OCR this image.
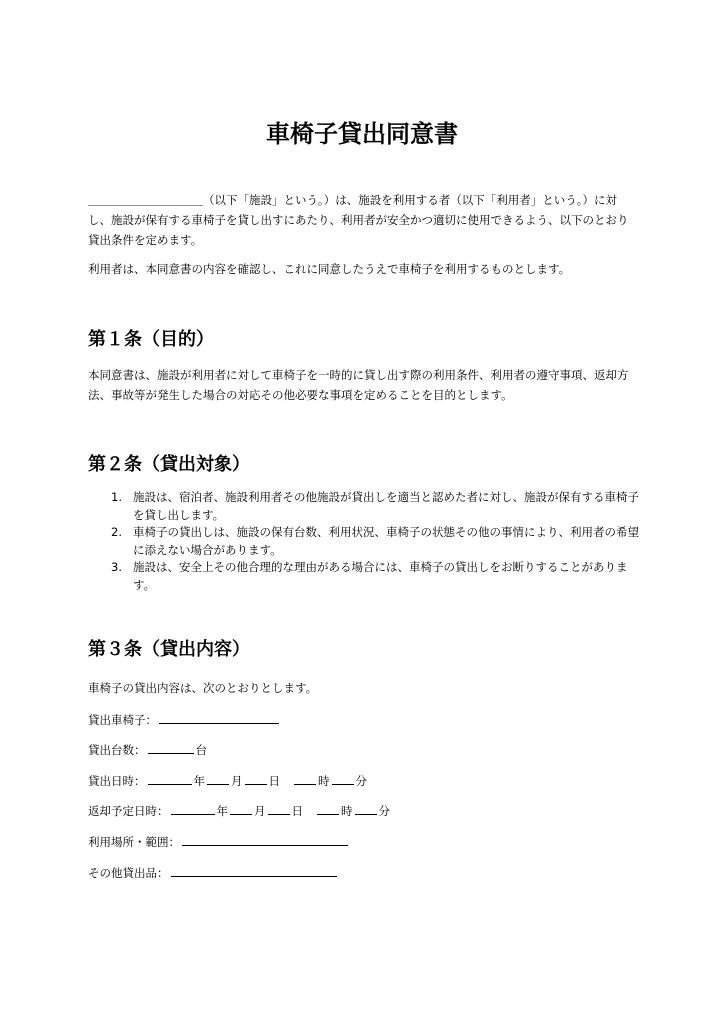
車椅子貸出同意書

＿＿＿＿＿＿＿＿＿＿（以下「施設」という。）は、施設を利用する者（以下「利用者」という。）に対し、施設が保有する車椅子を貸し出すにあたり、利用者が安全かつ適切に使用できるよう、以下のとおり貸出条件を定めます。

利用者は、本同意書の内容を確認し、これに同意したうえで車椅子を利用するものとします。

第１条（目的）

本同意書は、施設が利用者に対して車椅子を一時的に貸し出す際の利用条件、利用者の遵守事項、返却方法、事故等が発生した場合の対応その他必要な事項を定めることを目的とします。

第２条（貸出対象）
1. 施設は、宿泊者、施設利用者その他施設が貸出しを適当と認めた者に対し、施設が保有する車椅子を貸し出します。
2. 車椅子の貸出しは、施設の保有台数、利用状況、車椅子の状態その他の事情により、利用者の希望に添えない場合があります。
3. 施設は、安全上その他合理的な理由がある場合には、車椅子の貸出しをお断りすることがあります。
第３条（貸出内容）

車椅子の貸出内容は、次のとおりとします。

貸出車椅子：

貸出台数：	台

貸出日時：	年 月 日	時 分

返却予定日時：	年 月 日	時 分

利用場所・範囲：

その他貸出品：
